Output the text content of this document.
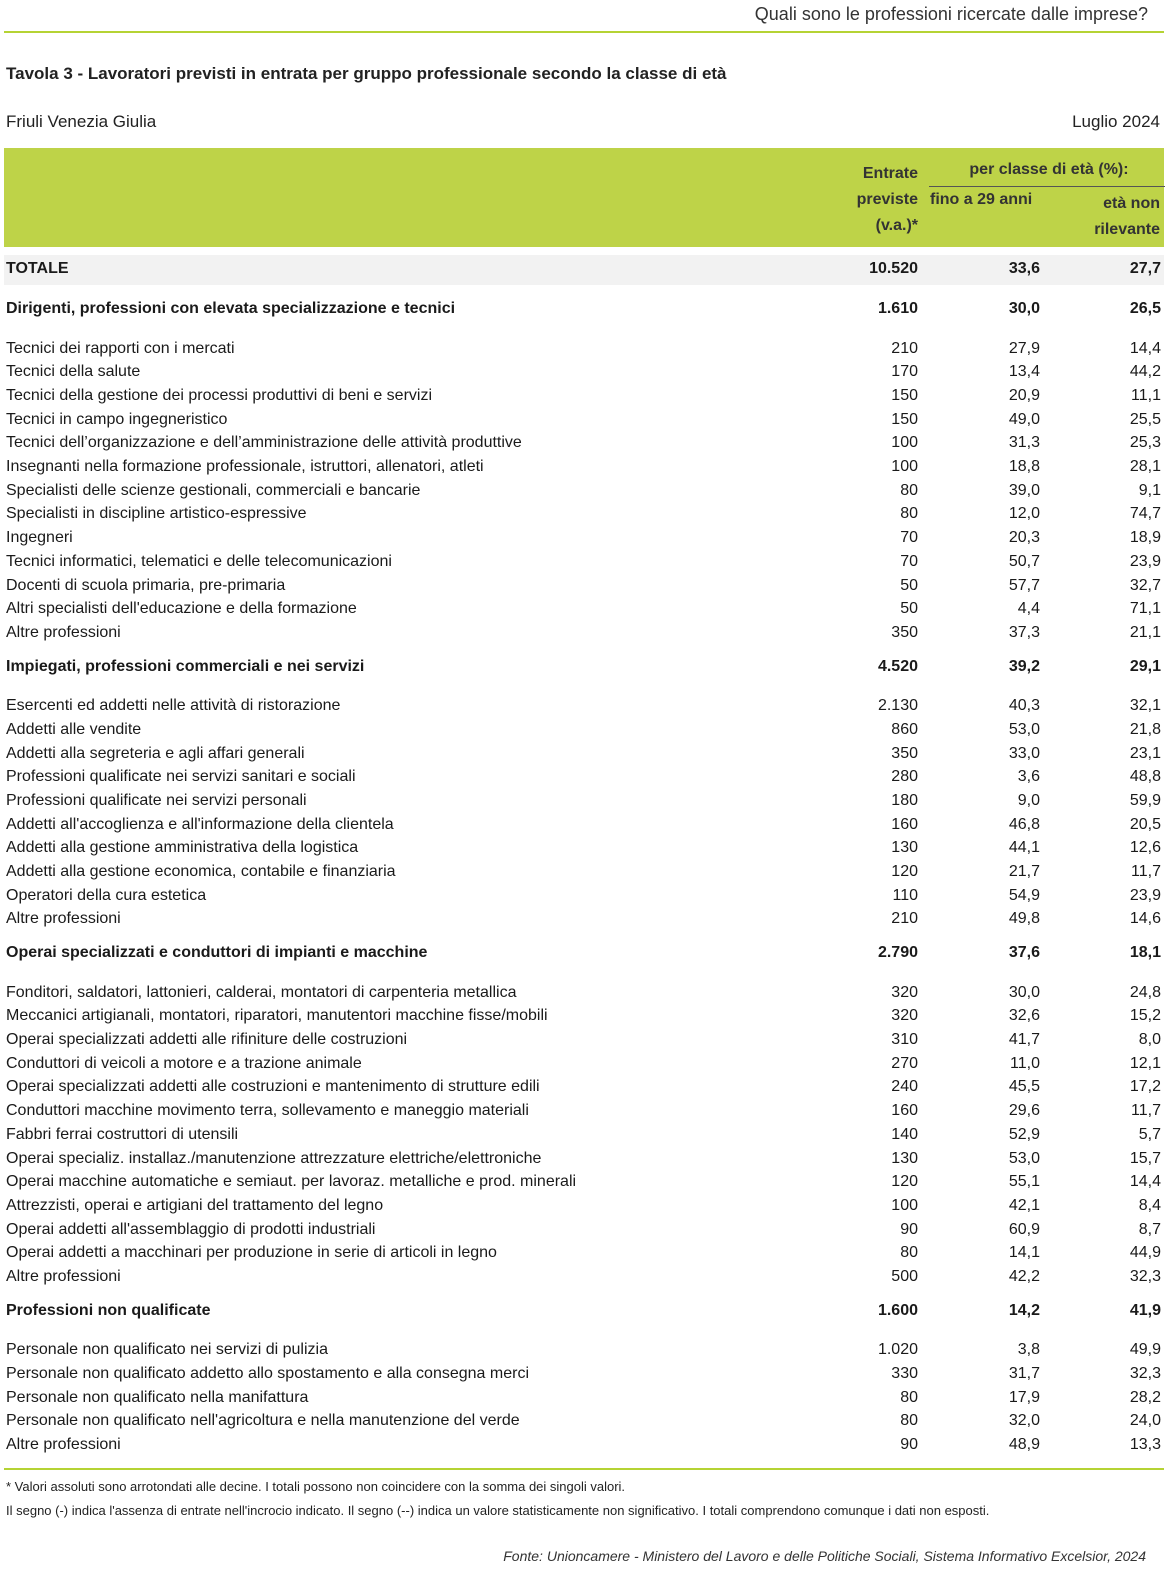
Quali sono le professioni ricercate dalle imprese?
Tavola 3 - Lavoratori previsti in entrata per gruppo professionale secondo la classe di età
Friuli Venezia Giulia	Luglio 2024
Entrate
previste
(v.a.)*
per classe di età (%):
fino a 29 anni	età non
rilevante
TOTALE	10.520	33,6	27,7
Dirigenti, professioni con elevata specializzazione e tecnici	1.610	30,0	26,5
Tecnici dei rapporti con i mercati	210	27,9	14,4
Tecnici della salute	170	13,4	44,2
Tecnici della gestione dei processi produttivi di beni e servizi	150	20,9	11,1
Tecnici in campo ingegneristico	150	49,0	25,5
Tecnici dell’organizzazione e dell’amministrazione delle attività produttive	100	31,3	25,3
Insegnanti nella formazione professionale, istruttori, allenatori, atleti	100	18,8	28,1
Specialisti delle scienze gestionali, commerciali e bancarie	80	39,0	9,1
Specialisti in discipline artistico-espressive	80	12,0	74,7
Ingegneri	70	20,3	18,9
Tecnici informatici, telematici e delle telecomunicazioni	70	50,7	23,9
Docenti di scuola primaria, pre-primaria	50	57,7	32,7
Altri specialisti dell'educazione e della formazione	50	4,4	71,1
Altre professioni	350	37,3	21,1
Impiegati, professioni commerciali e nei servizi	4.520	39,2	29,1
Esercenti ed addetti nelle attività di ristorazione	2.130	40,3	32,1
Addetti alle vendite	860	53,0	21,8
Addetti alla segreteria e agli affari generali	350	33,0	23,1
Professioni qualificate nei servizi sanitari e sociali	280	3,6	48,8
Professioni qualificate nei servizi personali	180	9,0	59,9
Addetti all'accoglienza e all'informazione della clientela	160	46,8	20,5
Addetti alla gestione amministrativa della logistica	130	44,1	12,6
Addetti alla gestione economica, contabile e finanziaria	120	21,7	11,7
Operatori della cura estetica	110	54,9	23,9
Altre professioni	210	49,8	14,6
Operai specializzati e conduttori di impianti e macchine	2.790	37,6	18,1
Fonditori, saldatori, lattonieri, calderai, montatori di carpenteria metallica	320	30,0	24,8
Meccanici artigianali, montatori, riparatori, manutentori macchine fisse/mobili	320	32,6	15,2
Operai specializzati addetti alle rifiniture delle costruzioni	310	41,7	8,0
Conduttori di veicoli a motore e a trazione animale	270	11,0	12,1
Operai specializzati addetti alle costruzioni e mantenimento di strutture edili	240	45,5	17,2
Conduttori macchine movimento terra, sollevamento e maneggio materiali	160	29,6	11,7
Fabbri ferrai costruttori di utensili	140	52,9	5,7
Operai specializ. installaz./manutenzione attrezzature elettriche/elettroniche	130	53,0	15,7
Operai macchine automatiche e semiaut. per lavoraz. metalliche e prod. minerali	120	55,1	14,4
Attrezzisti, operai e artigiani del trattamento del legno	100	42,1	8,4
Operai addetti all'assemblaggio di prodotti industriali	90	60,9	8,7
Operai addetti a macchinari per produzione in serie di articoli in legno	80	14,1	44,9
Altre professioni	500	42,2	32,3
Professioni non qualificate	1.600	14,2	41,9
Personale non qualificato nei servizi di pulizia	1.020	3,8	49,9
Personale non qualificato addetto allo spostamento e alla consegna merci	330	31,7	32,3
Personale non qualificato nella manifattura	80	17,9	28,2
Personale non qualificato nell'agricoltura e nella manutenzione del verde	80	32,0	24,0
Altre professioni	90	48,9	13,3
* Valori assoluti sono arrotondati alle decine. I totali possono non coincidere con la somma dei singoli valori.
Il segno (-) indica l'assenza di entrate nell'incrocio indicato. Il segno (--) indica un valore statisticamente non significativo. I totali comprendono comunque i dati non esposti.
Fonte: Unioncamere - Ministero del Lavoro e delle Politiche Sociali, Sistema Informativo Excelsior, 2024
